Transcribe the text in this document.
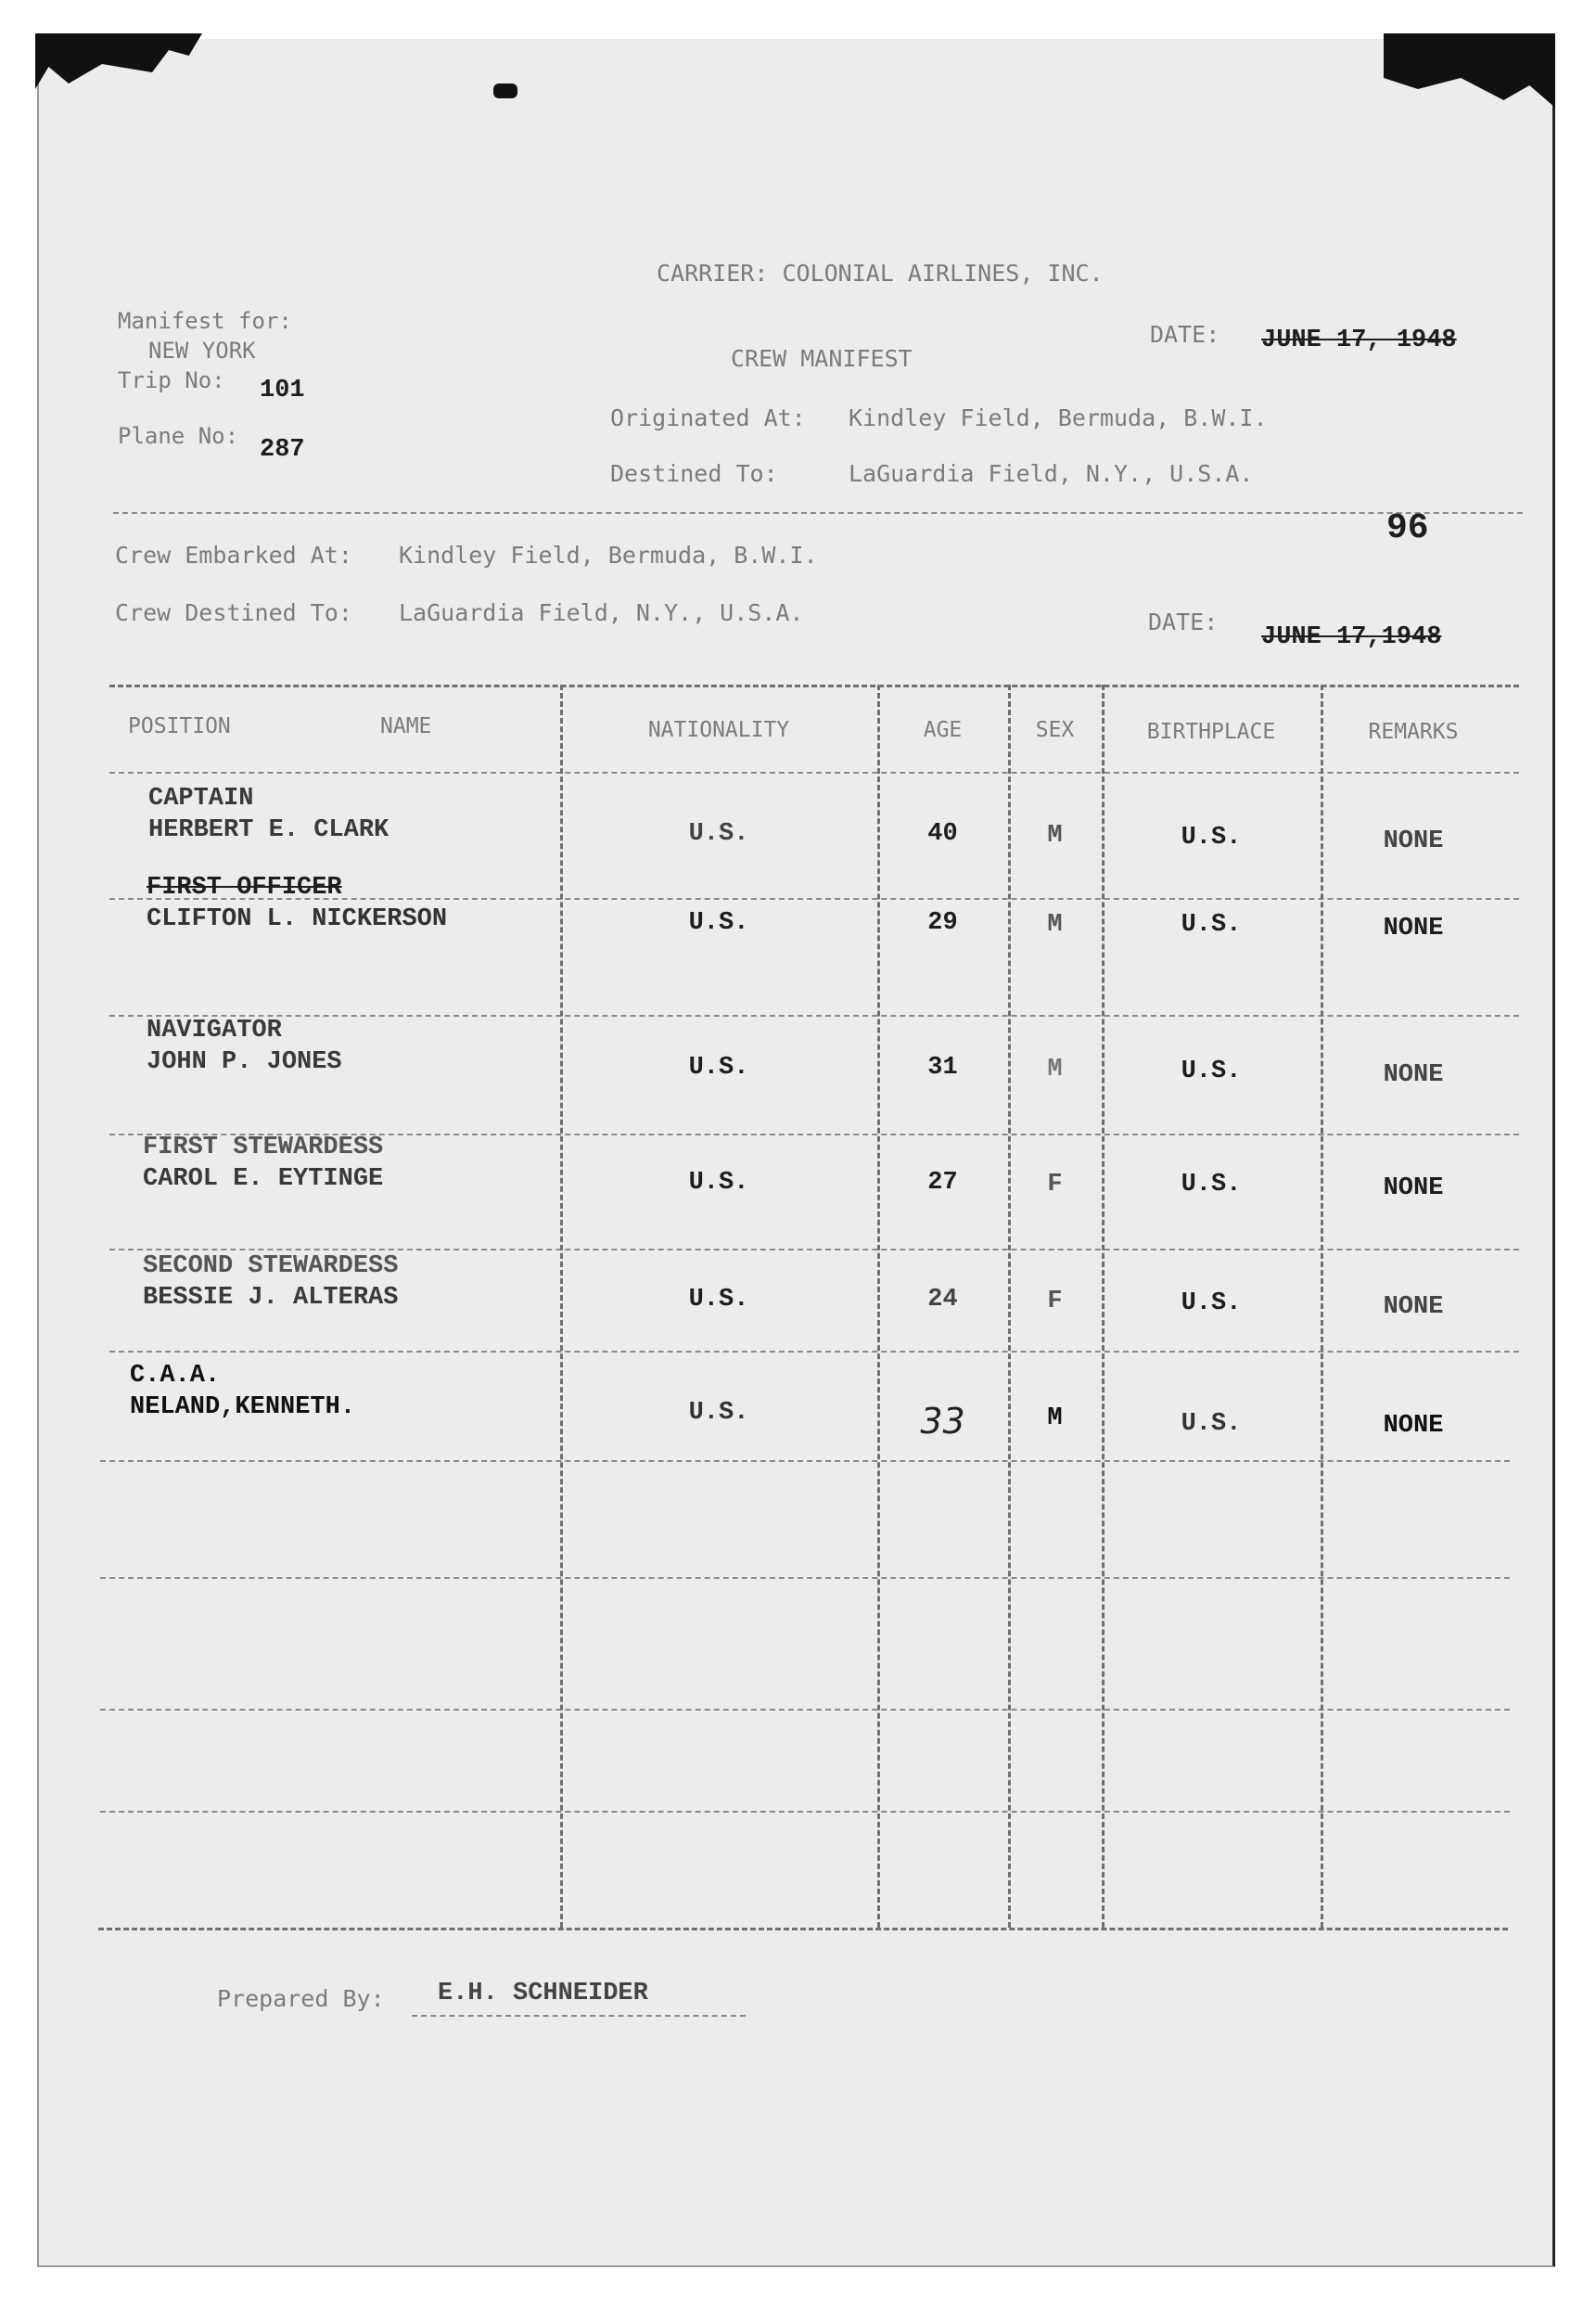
CARRIER: COLONIAL AIRLINES, INC.
Manifest for:
NEW YORK
Trip No: 101
Plane No: 287
CREW MANIFEST
DATE: JUNE 17, 1948
Originated At: Kindley Field, Bermuda, B.W.I.
Destined To:	LaGuardia Field, N.Y., U.S.A.
96
Crew Embarked At: Kindley Field, Bermuda, B.W.I.
Crew Destined To: LaGuardia Field, N.Y., U.S.A.	DATE:
JUNE 17,1948
POSITION	NAME	NATIONALITY	AGE	SEX	BIRTHPLACE	REMARKS
CAPTAIN
HERBERT E. CLARK	U.S.	40	M	U.S.	NONE
FIRST OFFICER
CLIFTON L. NICKERSON	U.S.	29	M	U.S.	NONE
NAVIGATOR
JOHN P. JONES	U.S.	31	M	U.S.	NONE
FIRST STEWARDESS
CAROL E. EYTINGE	U.S.	27	F	U.S.	NONE
SECOND STEWARDESS
BESSIE J. ALTERAS	U.S.	24	F	U.S.	NONE
C.A.A.
NELAND,KENNETH.	U.S.	33	M	U.S.	NONE
Prepared By: E.H. SCHNEIDER
